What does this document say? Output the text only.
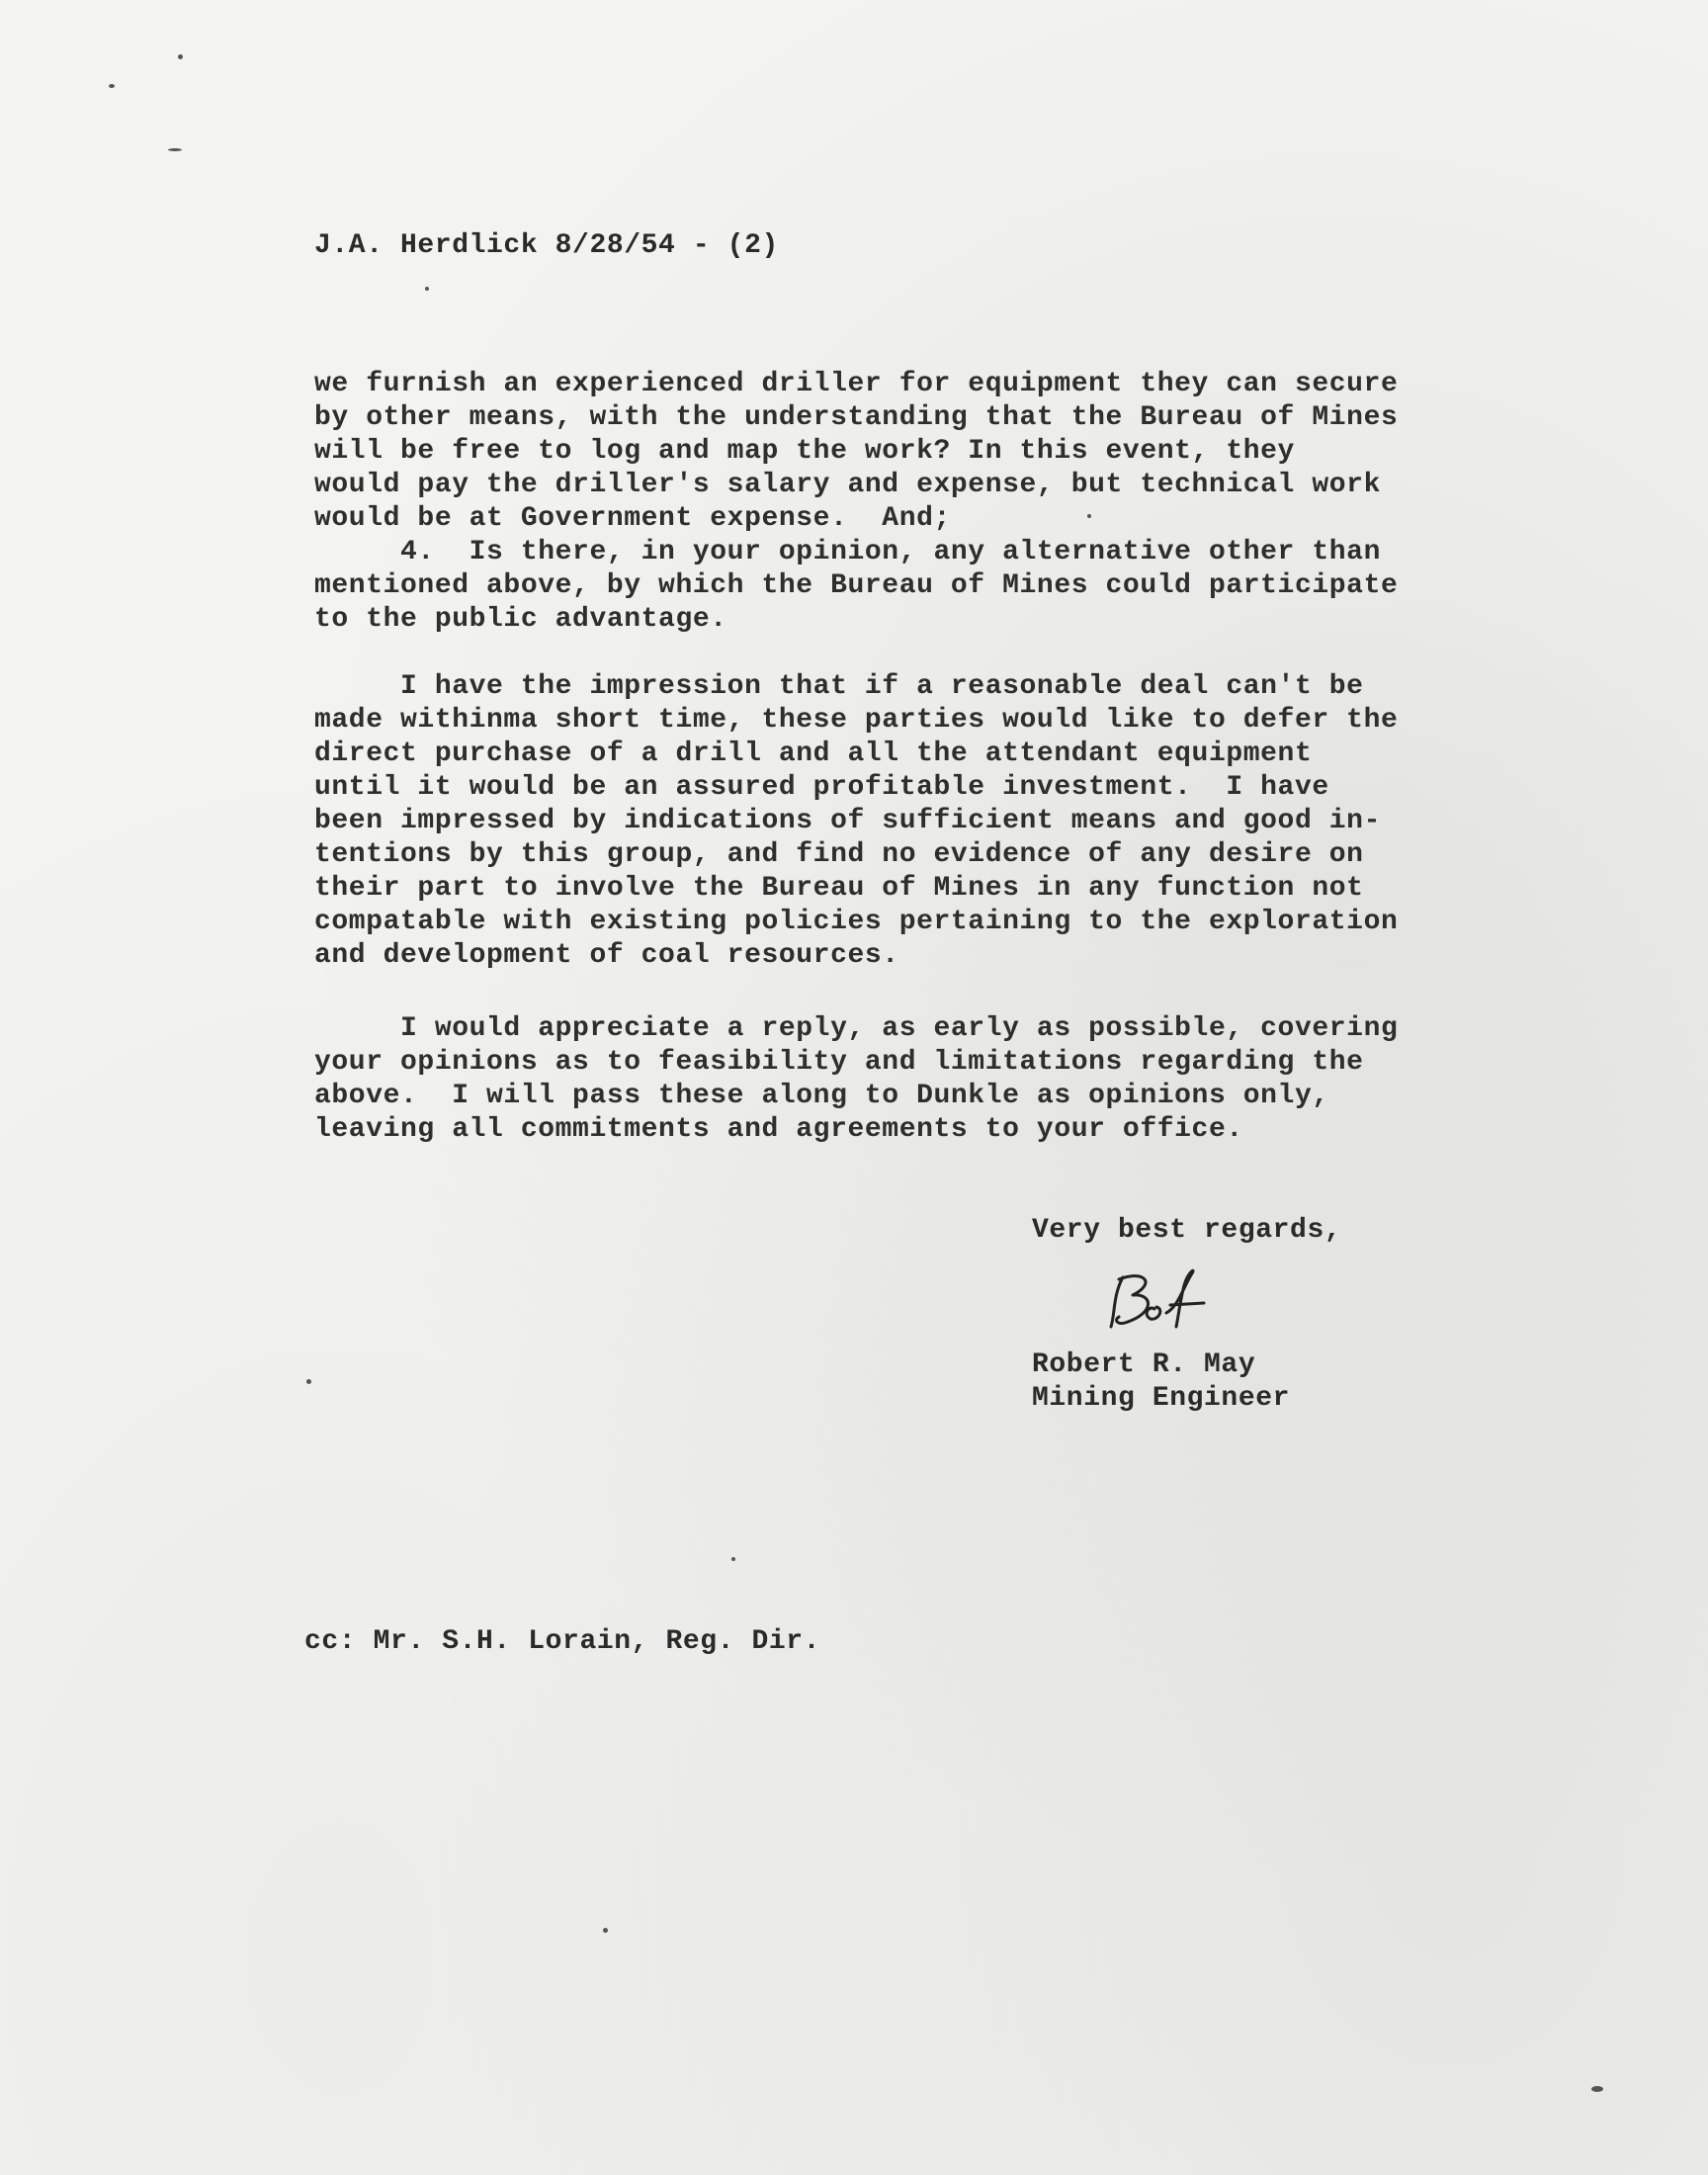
J.A. Herdlick 8/28/54 - (2)
we furnish an experienced driller for equipment they can secure
by other means, with the understanding that the Bureau of Mines
will be free to log and map the work? In this event, they
would pay the driller's salary and expense, but technical work
would be at Government expense.  And;
4.  Is there, in your opinion, any alternative other than
mentioned above, by which the Bureau of Mines could participate
to the public advantage.
I have the impression that if a reasonable deal can't be
made withinma short time, these parties would like to defer the
direct purchase of a drill and all the attendant equipment
until it would be an assured profitable investment.  I have
been impressed by indications of sufficient means and good in-
tentions by this group, and find no evidence of any desire on
their part to involve the Bureau of Mines in any function not
compatable with existing policies pertaining to the exploration
and development of coal resources.
I would appreciate a reply, as early as possible, covering
your opinions as to feasibility and limitations regarding the
above.  I will pass these along to Dunkle as opinions only,
leaving all commitments and agreements to your office.
Very best regards,
Robert R. May
Mining Engineer
cc: Mr. S.H. Lorain, Reg. Dir.
